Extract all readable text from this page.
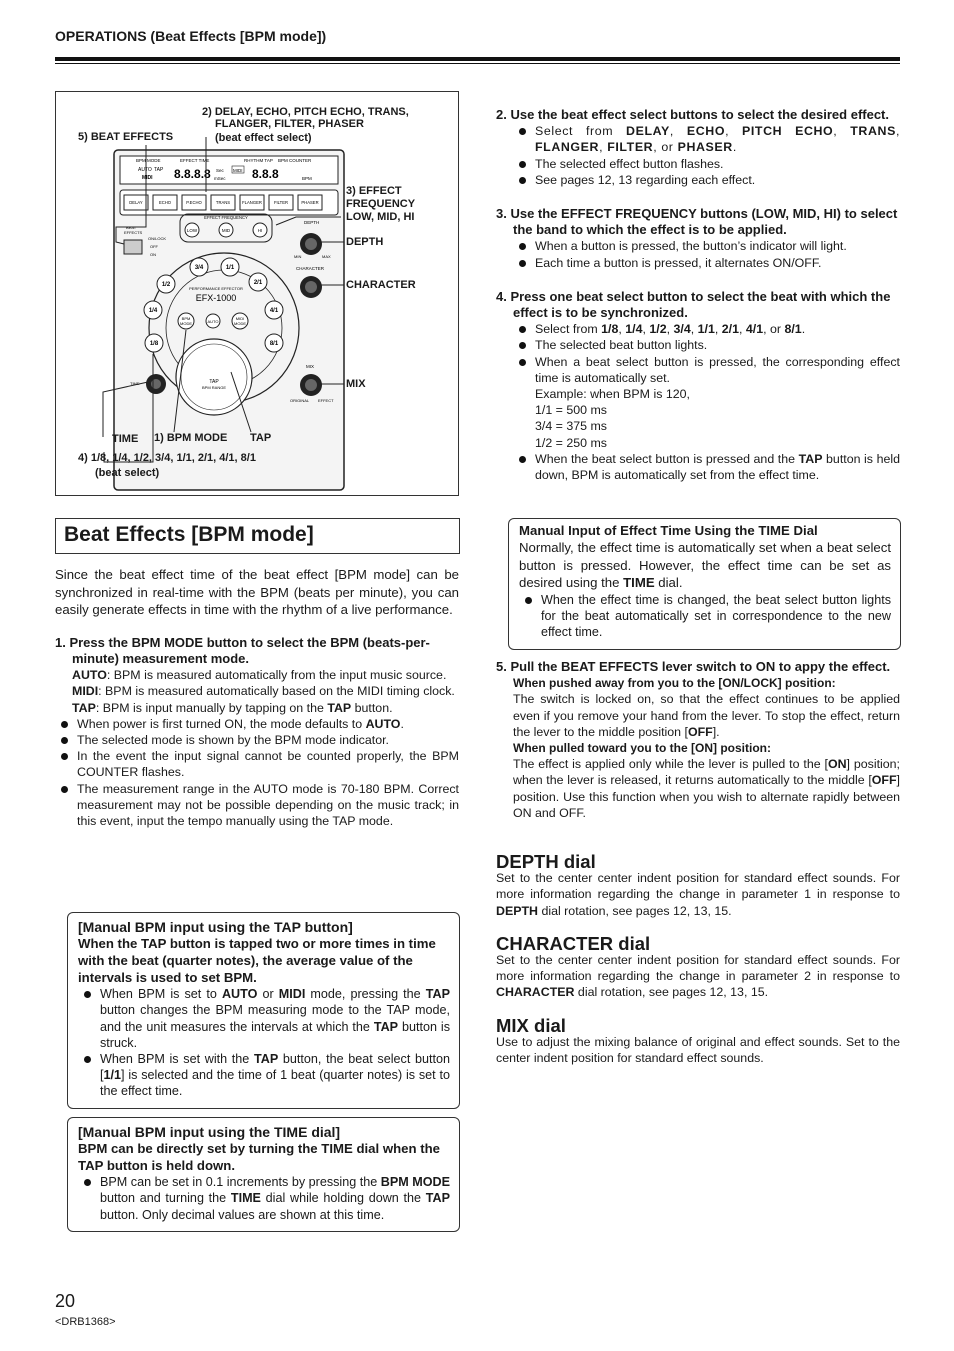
OPERATIONS (Beat Effects [BPM mode])
BPM MODE	EFFECT TIME	RHYTHM TAP BPM COUNTER
AUTO TAP
MIDI 8.8.8.8 Sec
mSec
MIDI 8.8.8	BPM
DELAY	ECHO	P.ECHO	TRANS	FLANGER	FILTER	PHASER
EFFECT FREQUENCY
LOW	MID	HI
BEAT
EFFECTS
ON/LOCK
OFF
ON
1/8
1/4
1/2
3/4	1/1
2/1
4/1
8/1
PERFORMANCE EFFECTOR
EFX-1000
BPM
MODE	AUTO
MIDI
MODE
TAP
BPM RANGE
TIME
DEPTH
MIN	MAX
CHARACTER
MIX
ORIGINAL EFFECT
5) BEAT EFFECTS
2) DELAY, ECHO, PITCH ECHO, TRANS,
FLANGER, FILTER, PHASER
(beat effect select)
3) EFFECT
FREQUENCY
LOW, MID, HI
DEPTH
CHARACTER
MIX
TIME 1) BPM MODE TAP
4) 1/8, 1/4, 1/2, 3/4, 1/1, 2/1, 4/1, 8/1
(beat select)
Beat Effects [BPM mode]

Since the beat effect time of the beat effect [BPM mode] can be synchronized in real-time with the BPM (beats per minute), you can easily generate effects in time with the rhythm of a live performance.

1. Press the BPM MODE button to select the BPM (beats-per-minute) measurement mode.

AUTO: BPM is measured automatically from the input music source.

MIDI: BPM is measured automatically based on the MIDI timing clock.

TAP: BPM is input manually by tapping on the TAP button.

When power is first turned ON, the mode defaults to AUTO.
The selected mode is shown by the BPM mode indicator.
In the event the input signal cannot be counted properly, the BPM COUNTER flashes.
The measurement range in the AUTO mode is 70-180 BPM. Correct measurement may not be possible depending on the music track; in this event, input the tempo manually using the TAP mode.

[Manual BPM input using the TAP button]

When the TAP button is tapped two or more times in time with the beat (quarter notes), the average value of the intervals is used to set BPM.

When BPM is set to AUTO or MIDI mode, pressing the TAP button changes the BPM measuring mode to the TAP mode, and the unit measures the intervals at which the TAP button is struck.
When BPM is set with the TAP button, the beat select button [1/1] is selected and the time of 1 beat (quarter notes) is set to the effect time.

[Manual BPM input using the TIME dial]

BPM can be directly set by turning the TIME dial when the TAP button is held down.

BPM can be set in 0.1 increments by pressing the BPM MODE button and turning the TIME dial while holding down the TAP button. Only decimal values are shown at this time.

2. Use the beat effect select buttons to select the desired effect.

Select from DELAY, ECHO, PITCH ECHO, TRANS, FLANGER, FILTER, or PHASER.
The selected effect button flashes.
See pages 12, 13 regarding each effect.

3. Use the EFFECT FREQUENCY buttons (LOW, MID, HI) to select the band to which the effect is to be applied.

When a button is pressed, the button’s indicator will light.
Each time a button is pressed, it alternates ON/OFF.

4. Press one beat select button to select the beat with which the effect is to be synchronized.

Select from 1/8, 1/4, 1/2, 3/4, 1/1, 2/1, 4/1, or 8/1.
The selected beat button lights.
When a beat select button is pressed, the corresponding effect time is automatically set.
Example: when BPM is 120,
1/1 = 500 ms
3/4 = 375 ms
1/2 = 250 ms
When the beat select button is pressed and the TAP button is held down, BPM is automatically set from the effect time.

Manual Input of Effect Time Using the TIME Dial

Normally, the effect time is automatically set when a beat select button is pressed. However, the effect time can be set as desired using the TIME dial.

When the effect time is changed, the beat select button lights for the beat automatically set in correspondence to the new effect time.

5. Pull the BEAT EFFECTS lever switch to ON to appy the effect.

When pushed away from you to the [ON/LOCK] position:

The switch is locked on, so that the effect continues to be applied even if you remove your hand from the lever. To stop the effect, return the lever to the middle position [OFF].

When pulled toward you to the [ON] position:

The effect is applied only while the lever is pulled to the [ON] position; when the lever is released, it returns automatically to the middle [OFF] position. Use this function when you wish to alternate rapidly between ON and OFF.

DEPTH dial

Set to the center center indent position for standard effect sounds. For more information regarding the change in parameter 1 in response to DEPTH dial rotation, see pages 12, 13, 15.

CHARACTER dial

Set to the center center indent position for standard effect sounds. For more information regarding the change in parameter 2 in response to CHARACTER dial rotation, see pages 12, 13, 15.

MIX dial

Use to adjust the mixing balance of original and effect sounds. Set to the center indent position for standard effect sounds.

20
<DRB1368>
